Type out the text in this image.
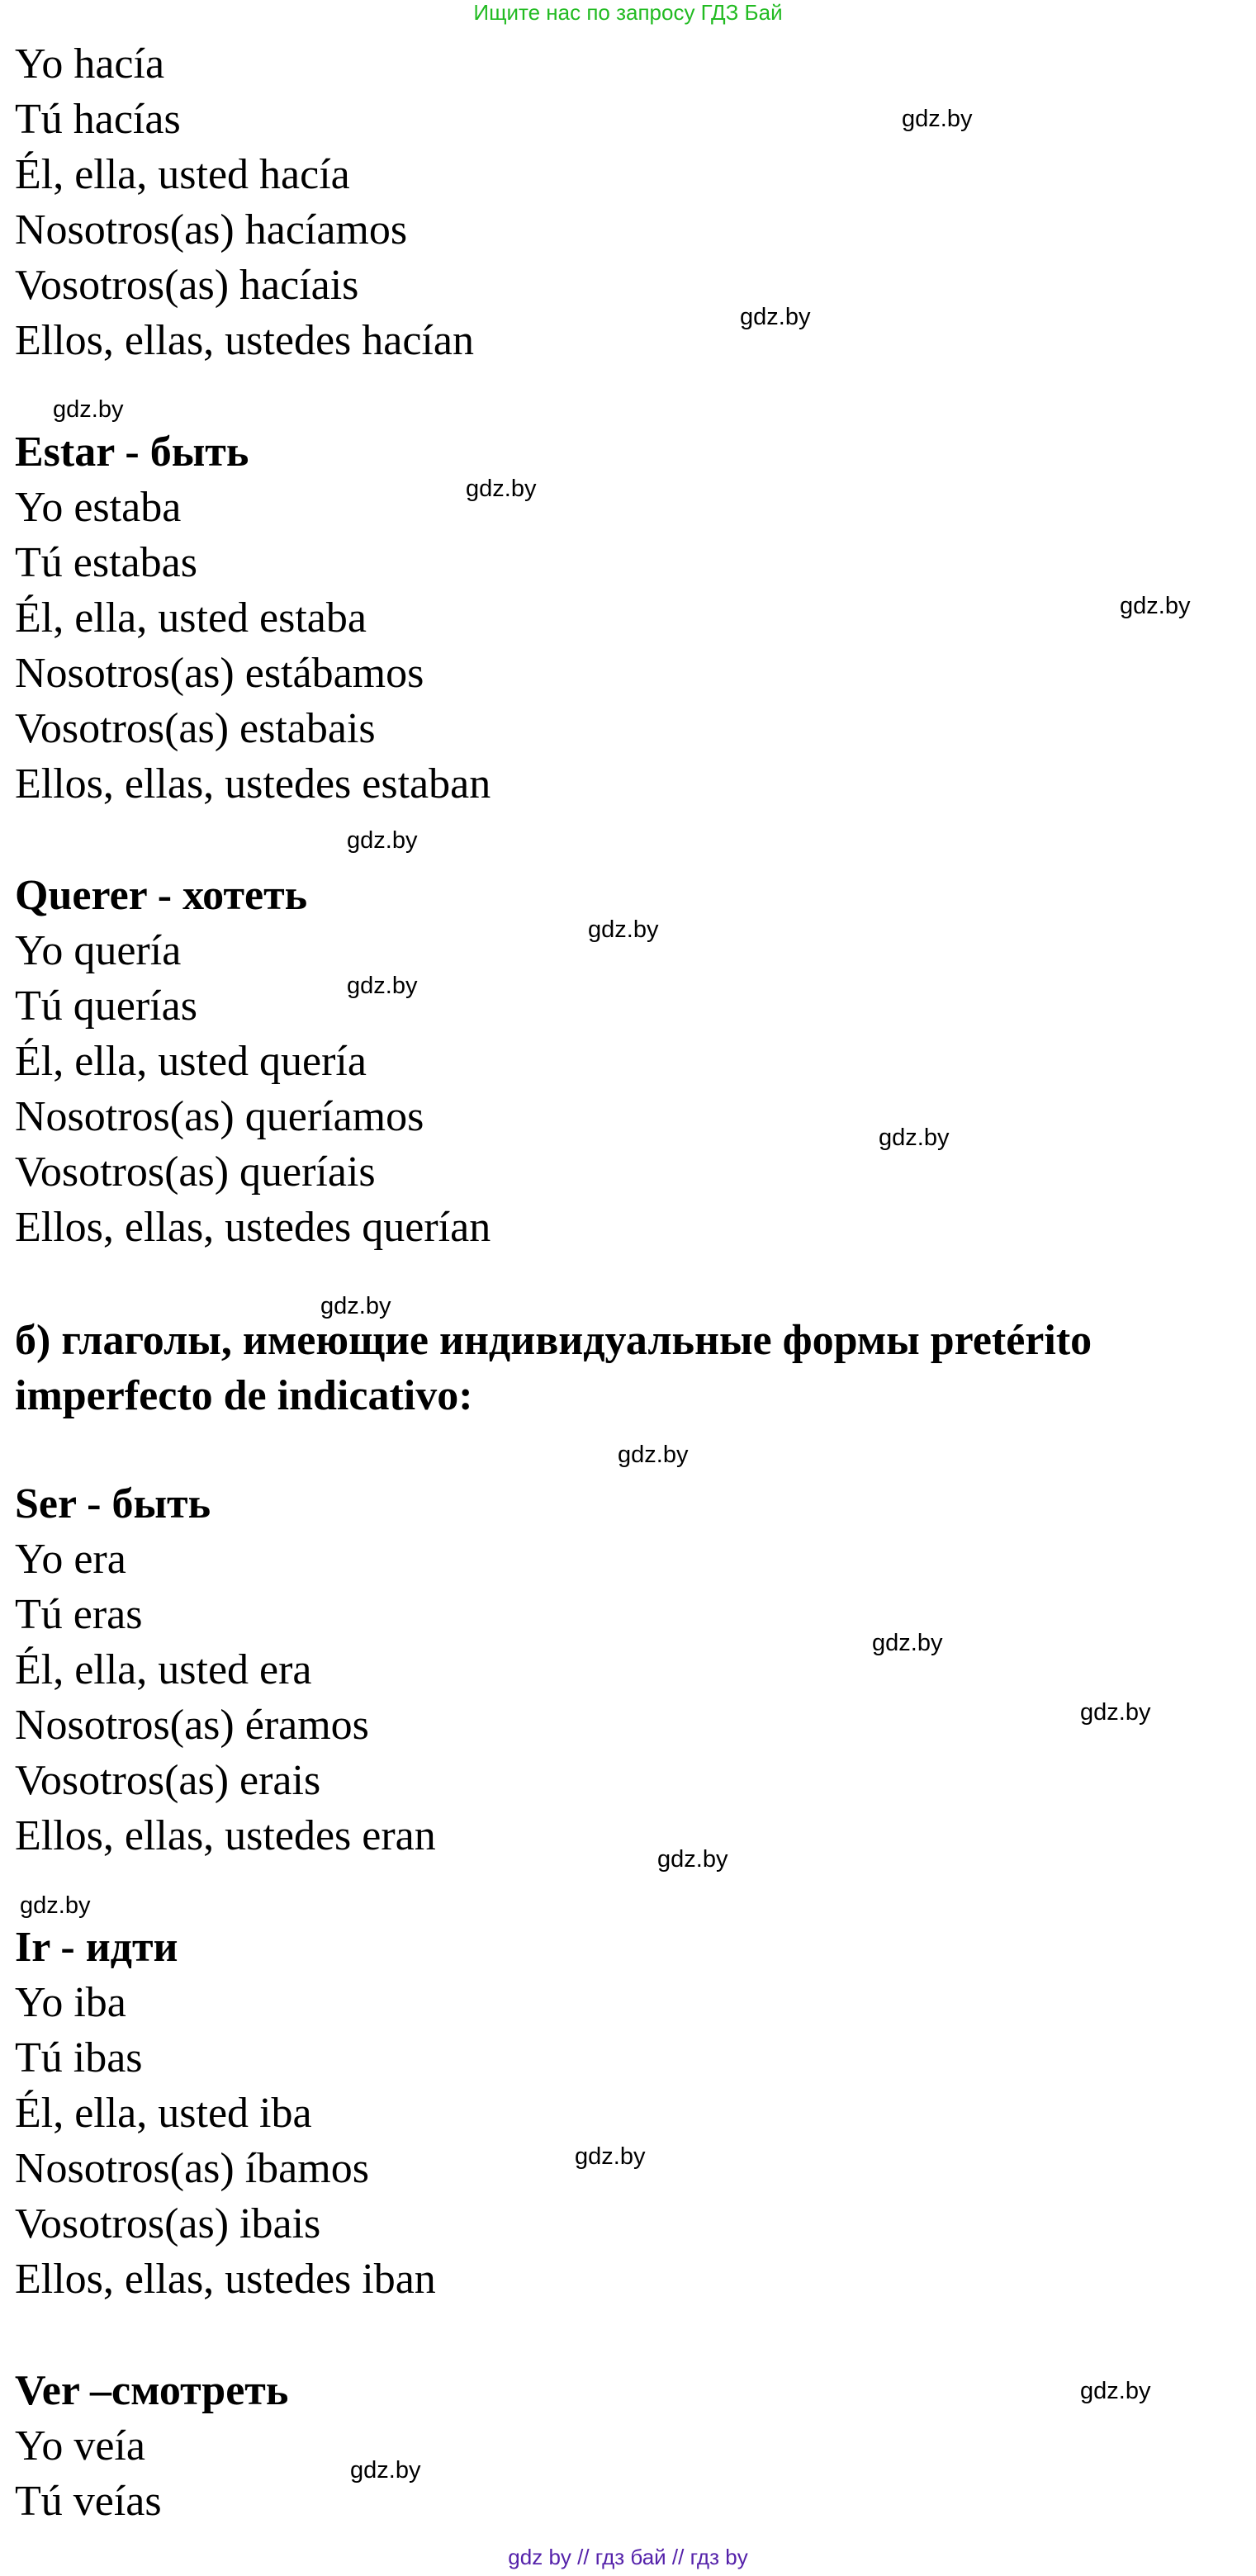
Ищите нас по запросу ГДЗ Бай
Yo hacía
Tú hacías
Él, ella, usted hacía
Nosotros(as) hacíamos
Vosotros(as) hacíais
Ellos, ellas, ustedes hacían
Estar - быть
Yo estaba
Tú estabas
Él, ella, usted estaba
Nosotros(as) estábamos
Vosotros(as) estabais
Ellos, ellas, ustedes estaban
Querer - хотеть
Yo quería
Tú querías
Él, ella, usted quería
Nosotros(as) queríamos
Vosotros(as) queríais
Ellos, ellas, ustedes querían
б) глаголы, имеющие индивидуальные формы pretérito
imperfecto de indicativo:
Ser - быть
Yo era
Tú eras
Él, ella, usted era
Nosotros(as) éramos
Vosotros(as) erais
Ellos, ellas, ustedes eran
Ir - идти
Yo iba
Tú ibas
Él, ella, usted iba
Nosotros(as) íbamos
Vosotros(as) ibais
Ellos, ellas, ustedes iban
Ver –смотреть
Yo veía
Tú veías
gdz.by
gdz.by
gdz.by
gdz.by
gdz.by
gdz.by
gdz.by
gdz.by
gdz.by
gdz.by
gdz.by
gdz.by
gdz.by
gdz.by
gdz.by
gdz.by
gdz.by
gdz.by
gdz by // гдз бай // гдз by
